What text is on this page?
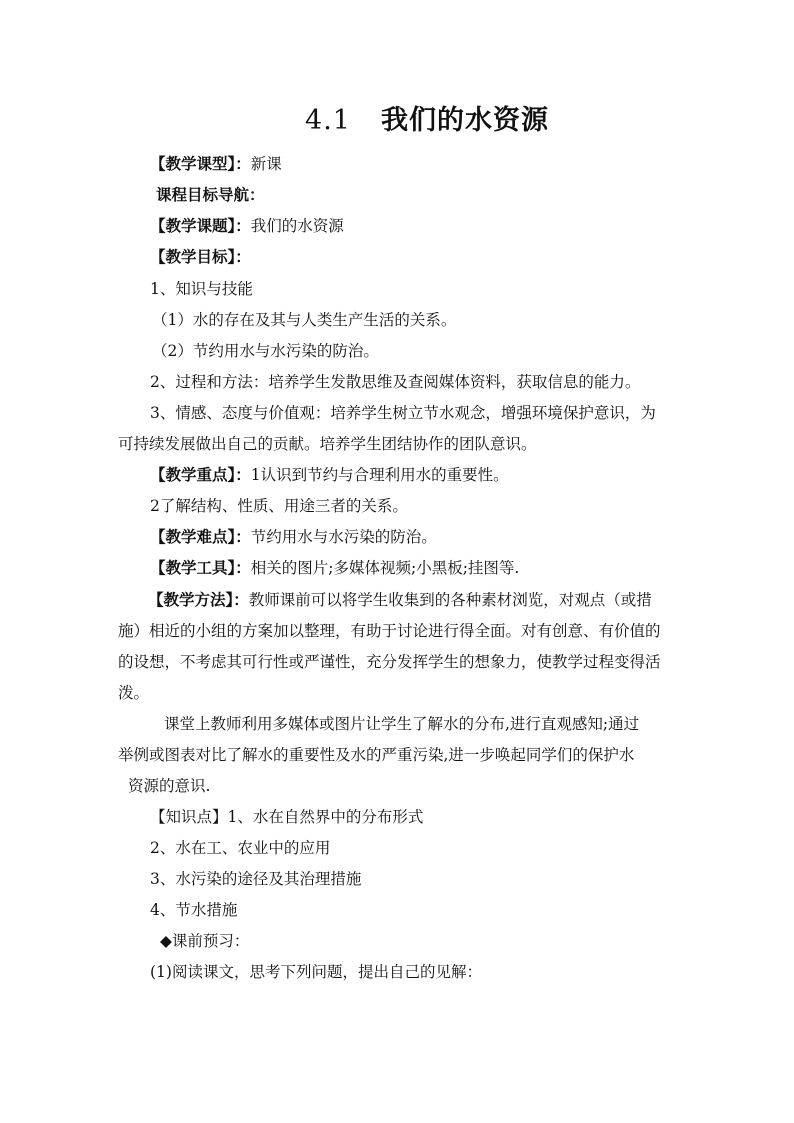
4.1 我们的水资源
【教学课型】：新课
课程目标导航：
【教学课题】：我们的水资源
【教学目标】：
1、知识与技能
（1）水的存在及其与人类生产生活的关系。
（2）节约用水与水污染的防治。
2、过程和方法：培养学生发散思维及查阅媒体资料，获取信息的能力。
3、情感、态度与价值观：培养学生树立节水观念，增强环境保护意识，为
可持续发展做出自己的贡献。培养学生团结协作的团队意识。
【教学重点】：1认识到节约与合理利用水的重要性。
2了解结构、性质、用途三者的关系。
【教学难点】：节约用水与水污染的防治。
【教学工具】：相关的图片;多媒体视频;小黑板;挂图等.
【教学方法】：教师课前可以将学生收集到的各种素材浏览，对观点（或措
施）相近的小组的方案加以整理，有助于讨论进行得全面。对有创意、有价值的
的设想，不考虑其可行性或严谨性，充分发挥学生的想象力，使教学过程变得活
泼。
课堂上教师利用多媒体或图片让学生了解水的分布,进行直观感知;通过
举例或图表对比了解水的重要性及水的严重污染,进一步唤起同学们的保护水
资源的意识.
【知识点】1、水在自然界中的分布形式
2、水在工、农业中的应用
3、水污染的途径及其治理措施
4、节水措施
◆课前预习：
(1)阅读课文，思考下列问题，提出自己的见解：
